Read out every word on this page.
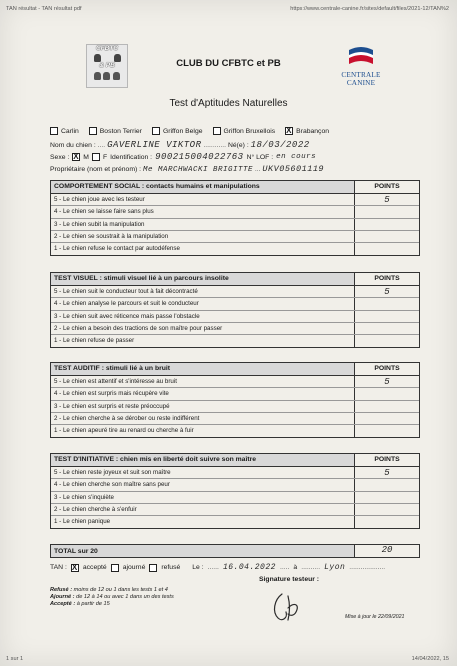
TAN résultat - TAN résultat pdf	https://www.centrale-canine.fr/sites/default/files/2021-12/TAN%2
CFBTC
& PB	CLUB DU CFBTC et PB
CENTRALE
CANINE
Test d'Aptitudes Naturelles
Carlin	Boston Terrier	Griffon Belge	Griffon Bruxellois X	Brabançon
Nom du chien : .... GAVERLINE VIKTOR ............ Né(e) : 18/03/2022
Sexe : X M F Identification : 900215004022763 N° LOF : en cours
Propriétaire (nom et prénom) : Me MARCHWACKI BRIGITTE ... UKV05601119
COMPORTEMENT SOCIAL : contacts humains et manipulations	POINTS
5 - Le chien joue avec les testeur	5
4 - Le chien se laisse faire sans plus
3 - Le chien subit la manipulation
2 - Le chien se soustrait à la manipulation
1 - Le chien refuse le contact par autodéfense
TEST VISUEL : stimuli visuel lié à un parcours insolite	POINTS
5 - Le chien suit le conducteur tout à fait décontracté	5
4 - Le chien analyse le parcours et suit le conducteur
3 - Le chien suit avec réticence mais passe l'obstacle
2 - Le chien a besoin des tractions de son maître pour passer
1 - Le chien refuse de passer
TEST AUDITIF : stimuli lié à un bruit	POINTS
5 - Le chien est attentif et s'intéresse au bruit	5
4 - Le chien est surpris mais récupère vite
3 - Le chien est surpris et reste préoccupé
2 - Le chien cherche à se dérober ou reste indifférent
1 - Le chien apeuré tire au renard ou cherche à fuir
TEST D'INITIATIVE : chien mis en liberté doit suivre son maître	POINTS
5 - Le chien reste joyeux et suit son maître	5
4 - Le chien cherche son maître sans peur
3 - Le chien s'inquiète
2 - Le chien cherche à s'enfuir
1 - Le chien panique
TOTAL sur 20	20
TAN : X accepté ajourné refusé Le : ...... 16.04.2022 ..... à .......... Lyon ...................
Signature testeur :
Refusé : moins de 12 ou 1 dans les tests 1 et 4
Ajourné : de 12 à 14 ou avec 1 dans un des tests
Accepté : à partir de 15
Mise à jour le 22/09/2021
1 sur 1	14/04/2022, 15
